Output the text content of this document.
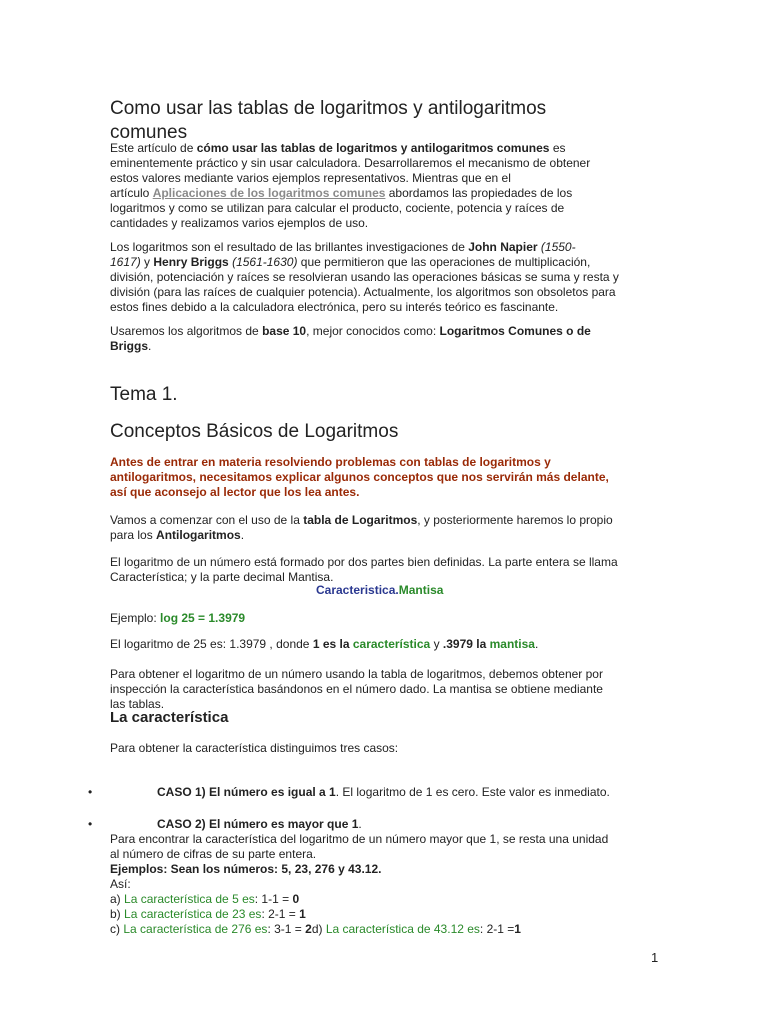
Como usar las tablas de logaritmos y antilogaritmos
comunes
Este artículo de cómo usar las tablas de logaritmos y antilogaritmos comunes es
eminentemente práctico y sin usar calculadora. Desarrollaremos el mecanismo de obtener
estos valores mediante varios ejemplos representativos. Mientras que en el
artículo Aplicaciones de los logaritmos comunes abordamos las propiedades de los
logaritmos y como se utilizan para calcular el producto, cociente, potencia y raíces de
cantidades y realizamos varios ejemplos de uso.
Los logaritmos son el resultado de las brillantes investigaciones de John Napier (1550-
1617) y Henry Briggs (1561-1630) que permitieron que las operaciones de multiplicación,
división, potenciación y raíces se resolvieran usando las operaciones básicas se suma y resta y
división (para las raíces de cualquier potencia). Actualmente, los algoritmos son obsoletos para
estos fines debido a la calculadora electrónica, pero su interés teórico es fascinante.
Usaremos los algoritmos de base 10, mejor conocidos como: Logaritmos Comunes o de
Briggs.
Tema 1.
Conceptos Básicos de Logaritmos
Antes de entrar en materia resolviendo problemas con tablas de logaritmos y
antilogaritmos, necesitamos explicar algunos conceptos que nos servirán más delante,
así que aconsejo al lector que los lea antes.
Vamos a comenzar con el uso de la tabla de Logaritmos, y posteriormente haremos lo propio
para los Antilogaritmos.
El logaritmo de un número está formado por dos partes bien definidas. La parte entera se llama
Característica; y la parte decimal Mantisa.
Caracteristica.Mantisa
Ejemplo: log 25 = 1.3979
El logaritmo de 25 es: 1.3979 , donde 1 es la característica y .3979 la mantisa.
Para obtener el logaritmo de un número usando la tabla de logaritmos, debemos obtener por
inspección la característica basándonos en el número dado. La mantisa se obtiene mediante
las tablas.
La característica
Para obtener la característica distinguimos tres casos:
•	CASO 1) El número es igual a 1. El logaritmo de 1 es cero. Este valor es inmediato.
•	CASO 2) El número es mayor que 1.
Para encontrar la característica del logaritmo de un número mayor que 1, se resta una unidad
al número de cifras de su parte entera.
Ejemplos: Sean los números: 5, 23, 276 y 43.12.
Así:
a) La característica de 5 es: 1-1 = 0
b) La característica de 23 es: 2-1 = 1
c) La característica de 276 es: 3-1 = 2d) La característica de 43.12 es: 2-1 =1
1
